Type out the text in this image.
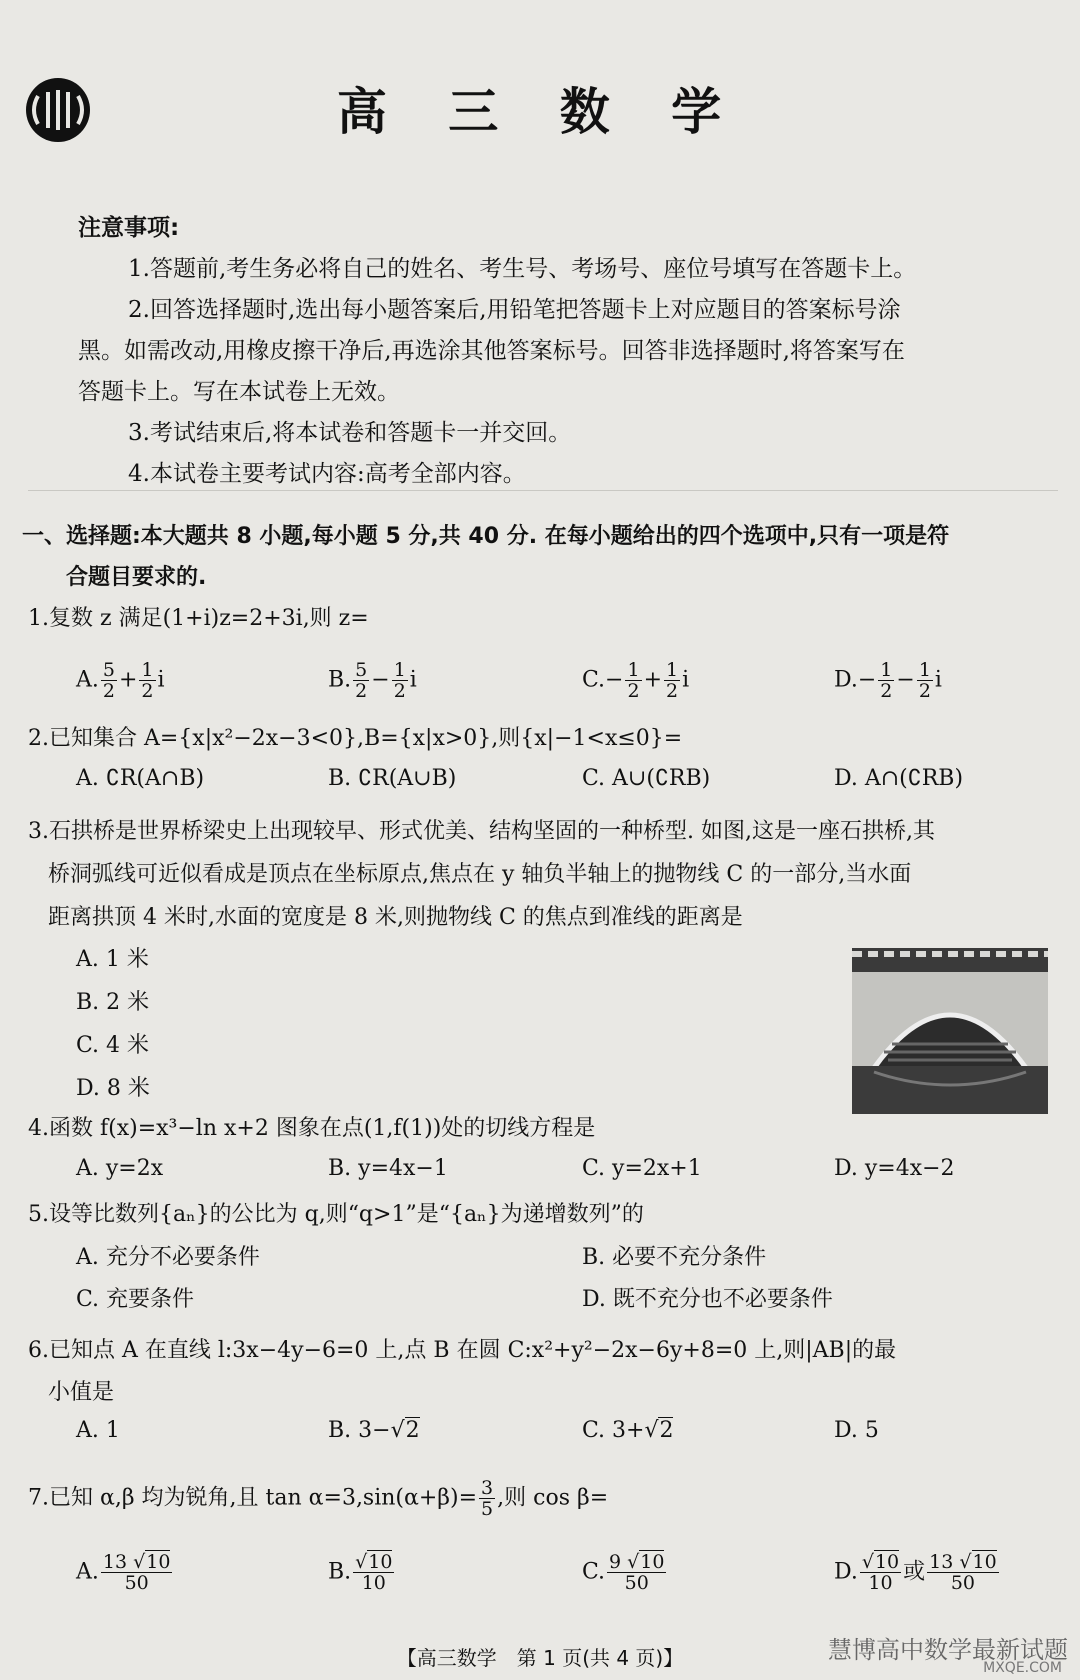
高 三 数 学
注意事项:
1.答题前,考生务必将自己的姓名、考生号、考场号、座位号填写在答题卡上。
2.回答选择题时,选出每小题答案后,用铅笔把答题卡上对应题目的答案标号涂
黑。如需改动,用橡皮擦干净后,再选涂其他答案标号。回答非选择题时,将答案写在
答题卡上。写在本试卷上无效。
3.考试结束后,将本试卷和答题卡一并交回。
4.本试卷主要考试内容:高考全部内容。
一、选择题:本大题共 8 小题,每小题 5 分,共 40 分. 在每小题给出的四个选项中,只有一项是符
合题目要求的.
1.复数 z 满足(1+i)z=2+3i,则 z=
A. $\frac{5}{2} + \frac{1}{2}$ i	B. $\frac{5}{2} - \frac{1}{2}$ i	$C.- \frac{1}{2} + \frac{1}{2}$ i	$D.- \frac{1}{2} - \frac{1}{2}$ i
2.已知集合 A={x|x²−2x−3<0},B={x|x>0},则{x|−1<x≤0}=
A. ∁R(A∩B)	B. ∁R(A∪B)	C. A∪(∁RB)	D. A∩(∁RB)
3.石拱桥是世界桥梁史上出现较早、形式优美、结构坚固的一种桥型. 如图,这是一座石拱桥,其
桥洞弧线可近似看成是顶点在坐标原点,焦点在 y 轴负半轴上的抛物线 C 的一部分,当水面
距离拱顶 4 米时,水面的宽度是 8 米,则抛物线 C 的焦点到准线的距离是
A. 1 米
B. 2 米
C. 4 米
D. 8 米
4.函数 f(x)=x³−ln x+2 图象在点(1,f(1))处的切线方程是
A. y=2x	B. y=4x−1	C. y=2x+1	D. y=4x−2
5.设等比数列{aₙ}的公比为 q,则“q>1”是“{aₙ}为递增数列”的
A. 充分不必要条件	B. 必要不充分条件
C. 充要条件	D. 既不充分也不必要条件
6.已知点 A 在直线 l:3x−4y−6=0 上,点 B 在圆 C:x²+y²−2x−6y+8=0 上,则|AB|的最
小值是
A. 1	B. 3−√2	C. 3+√2	D. 5
7.已知 α,β 均为锐角,且 $\tan \alpha=3,\sin(\alpha+\beta)= \frac{3}{5}$ ,则 cos β=
A. $\frac{13 √10}{50}$	B. $\frac{√10}{10}$	C. $\frac{9 √10}{50}$	D. $\frac{√10}{10}$ 或 $\frac{13 √10}{50}$
【高三数学　第 1 页(共 4 页)】	慧博高中数学最新试题
MXQE.COM
